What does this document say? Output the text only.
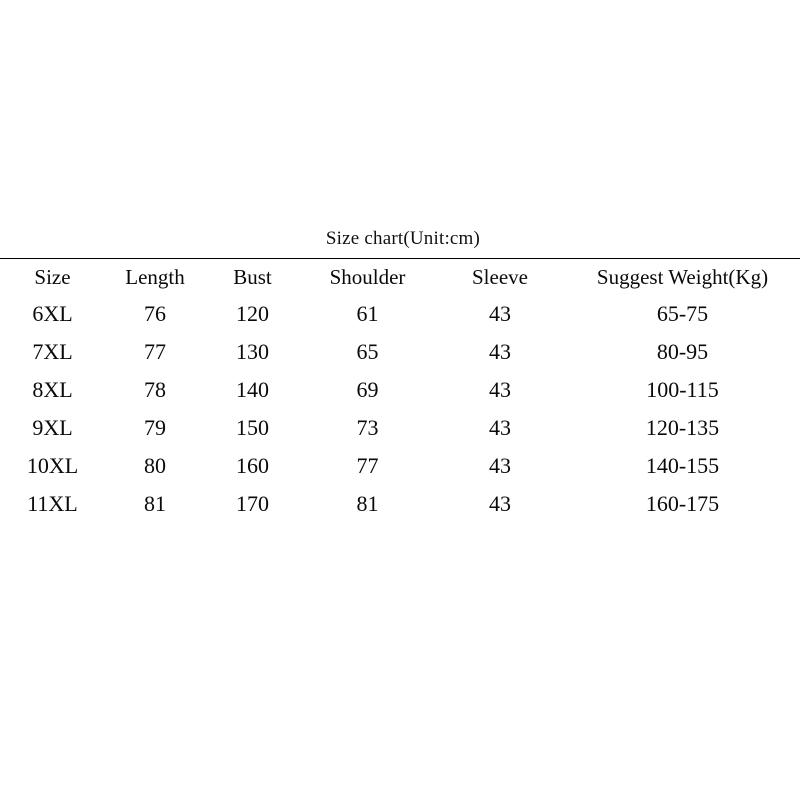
Size chart(Unit:cm)
Size	Length	Bust	Shoulder	Sleeve	Suggest Weight(Kg)
6XL	76	120	61	43	65-75
7XL	77	130	65	43	80-95
8XL	78	140	69	43	100-115
9XL	79	150	73	43	120-135
10XL	80	160	77	43	140-155
11XL	81	170	81	43	160-175
